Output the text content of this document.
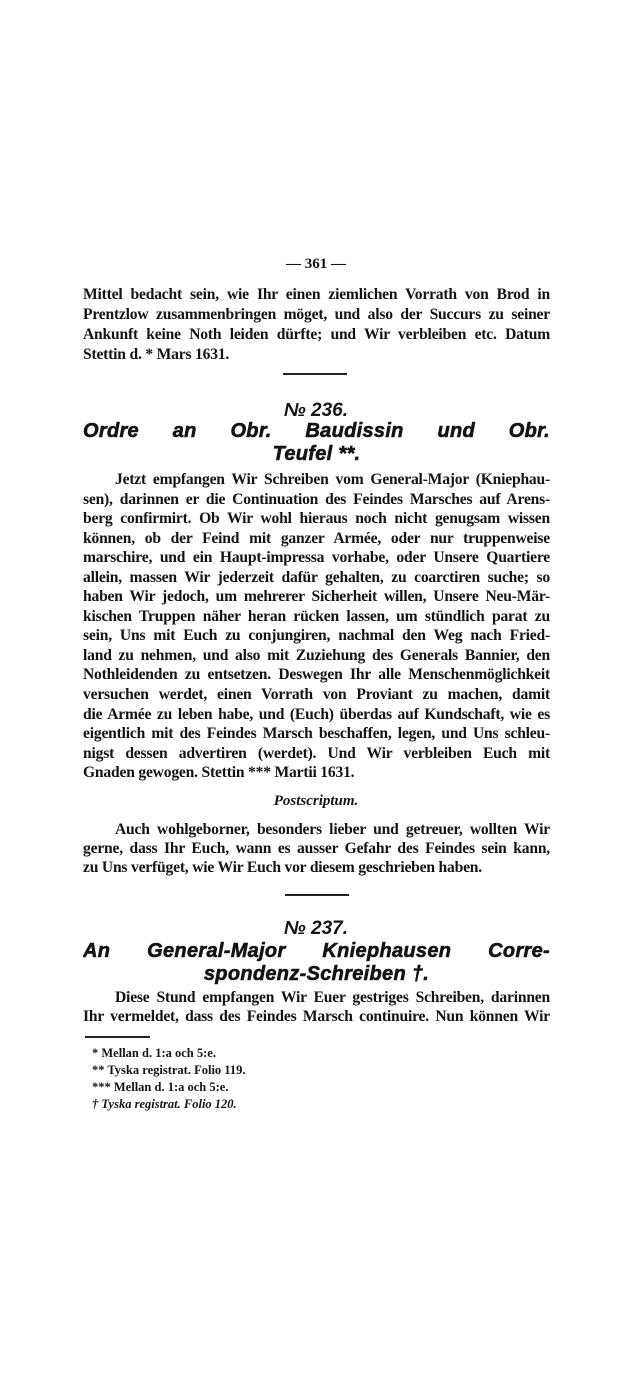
— 361 —
Mittel bedacht sein, wie Ihr einen ziemlichen Vorrath von Brod in
Prentzlow zusammenbringen möget, und also der Succurs zu seiner
Ankunft keine Noth leiden dürfte; und Wir verbleiben etc. Datum
Stettin d. * Mars 1631.
№ 236.
Ordre an Obr. Baudissin und Obr.
Teufel **.
Jetzt empfangen Wir Schreiben vom General-Major (Kniephau-
sen), darinnen er die Continuation des Feindes Marsches auf Arens-
berg confirmirt. Ob Wir wohl hieraus noch nicht genugsam wissen
können, ob der Feind mit ganzer Armée, oder nur truppenweise
marschire, und ein Haupt-impressa vorhabe, oder Unsere Quartiere
allein, massen Wir jederzeit dafür gehalten, zu coarctiren suche; so
haben Wir jedoch, um mehrerer Sicherheit willen, Unsere Neu-Mär-
kischen Truppen näher heran rücken lassen, um stündlich parat zu
sein, Uns mit Euch zu conjungiren, nachmal den Weg nach Fried-
land zu nehmen, und also mit Zuziehung des Generals Bannier, den
Nothleidenden zu entsetzen. Deswegen Ihr alle Menschenmöglichkeit
versuchen werdet, einen Vorrath von Proviant zu machen, damit
die Armée zu leben habe, und (Euch) überdas auf Kundschaft, wie es
eigentlich mit des Feindes Marsch beschaffen, legen, und Uns schleu-
nigst dessen advertiren (werdet). Und Wir verbleiben Euch mit
Gnaden gewogen. Stettin *** Martii 1631.
Postscriptum.
Auch wohlgeborner, besonders lieber und getreuer, wollten Wir
gerne, dass Ihr Euch, wann es ausser Gefahr des Feindes sein kann,
zu Uns verfüget, wie Wir Euch vor diesem geschrieben haben.
№ 237.
An General-Major Kniephausen Corre-
spondenz-Schreiben †.
Diese Stund empfangen Wir Euer gestriges Schreiben, darinnen
Ihr vermeldet, dass des Feindes Marsch continuire. Nun können Wir
* Mellan d. 1:a och 5:e.
** Tyska registrat. Folio 119.
*** Mellan d. 1:a och 5:e.
† Tyska registrat. Folio 120.
